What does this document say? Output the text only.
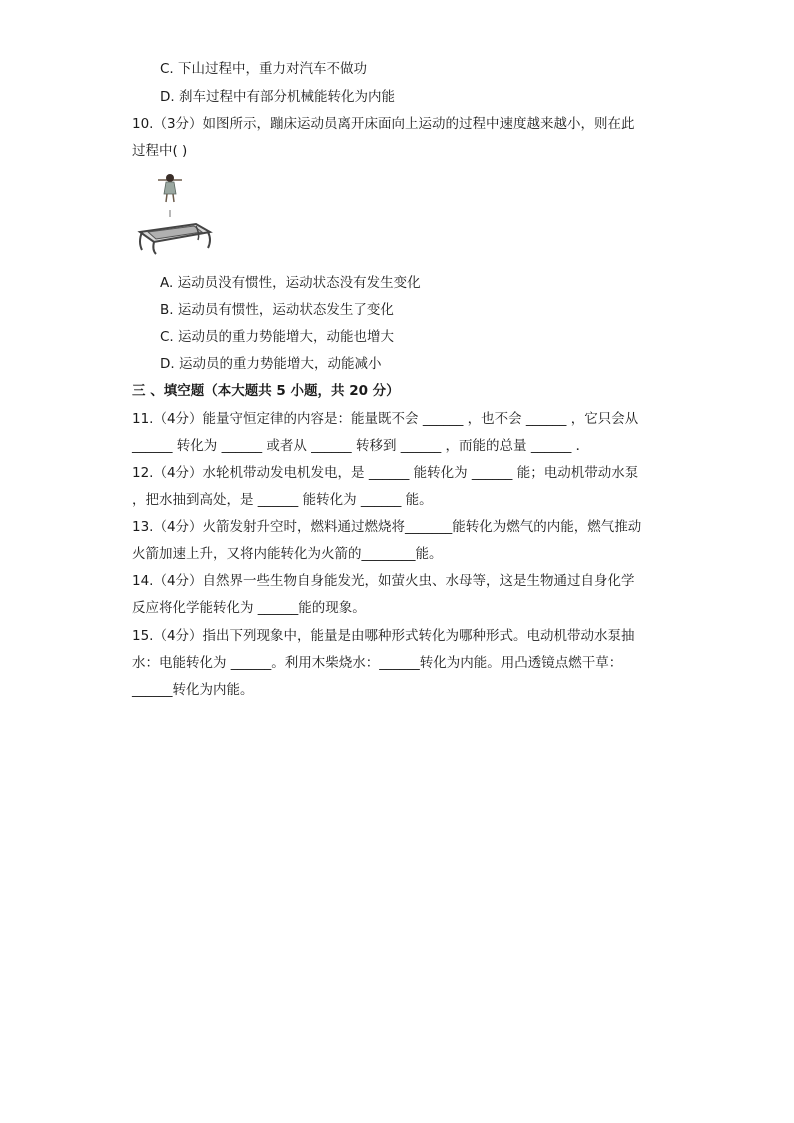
C. 下山过程中，重力对汽车不做功
D. 刹车过程中有部分机械能转化为内能
10.（3分）如图所示，蹦床运动员离开床面向上运动的过程中速度越来越小，则在此
过程中( )
A. 运动员没有惯性，运动状态没有发生变化
B. 运动员有惯性，运动状态发生了变化
C. 运动员的重力势能增大，动能也增大
D. 运动员的重力势能增大，动能减小
三 、填空题（本大题共 5 小题，共 20 分）
11.（4分）能量守恒定律的内容是：能量既不会 ______ ，也不会 ______ ，它只会从
______ 转化为 ______ 或者从 ______ 转移到 ______ ，而能的总量 ______ ．
12.（4分）水轮机带动发电机发电，是 ______ 能转化为 ______ 能；电动机带动水泵
，把水抽到高处，是 ______ 能转化为 ______ 能。
13.（4分）火箭发射升空时，燃料通过燃烧将_______能转化为燃气的内能，燃气推动
火箭加速上升，又将内能转化为火箭的________能。
14.（4分）自然界一些生物自身能发光，如萤火虫、水母等，这是生物通过自身化学
反应将化学能转化为 ______能的现象。
15.（4分）指出下列现象中，能量是由哪种形式转化为哪种形式。电动机带动水泵抽
水：电能转化为 ______。利用木柴烧水：______转化为内能。用凸透镜点燃干草：
______转化为内能。
